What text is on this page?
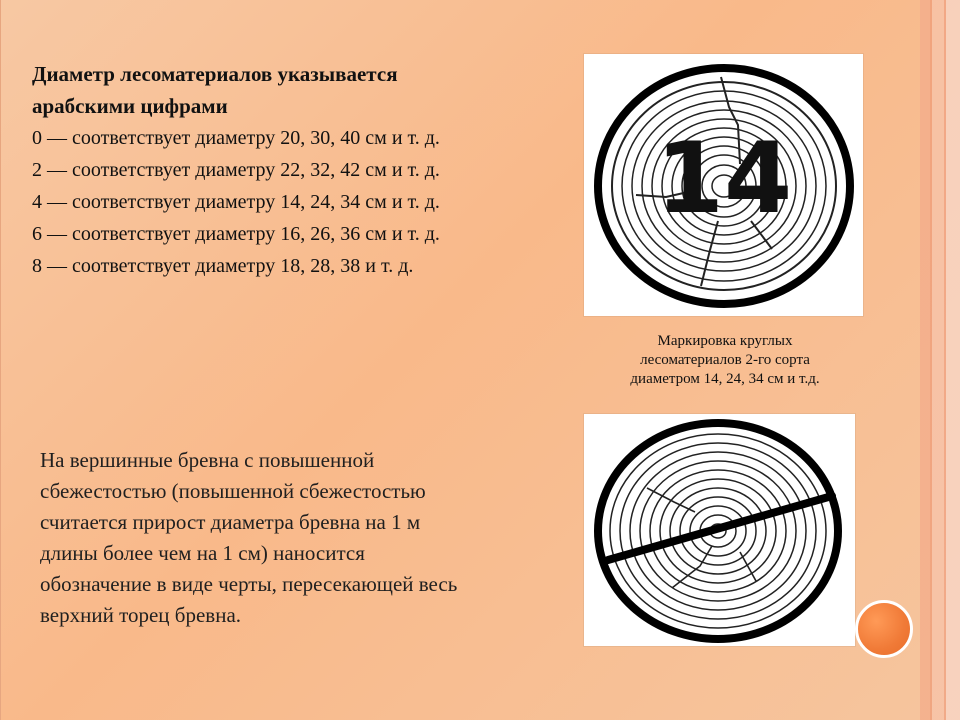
Диаметр лесоматериалов указывается
арабскими цифрами
0 — соответствует диаметру 20, 30, 40 см и т. д.
2 — соответствует диаметру 22, 32, 42 см и т. д.
4 — соответствует диаметру 14, 24, 34 см и т. д.
6 — соответствует диаметру 16, 26, 36 см и т. д.
8 — соответствует диаметру 18, 28, 38 и т. д.
14
Маркировка круглых
лесоматериалов 2-го сорта
диаметром 14, 24, 34 см и т.д.
На вершинные бревна с повышенной
сбежестостью (повышенной сбежестостью
считается прирост диаметра бревна на 1 м
длины более чем на 1 см) наносится
обозначение в виде черты, пересекающей весь
верхний торец бревна.
